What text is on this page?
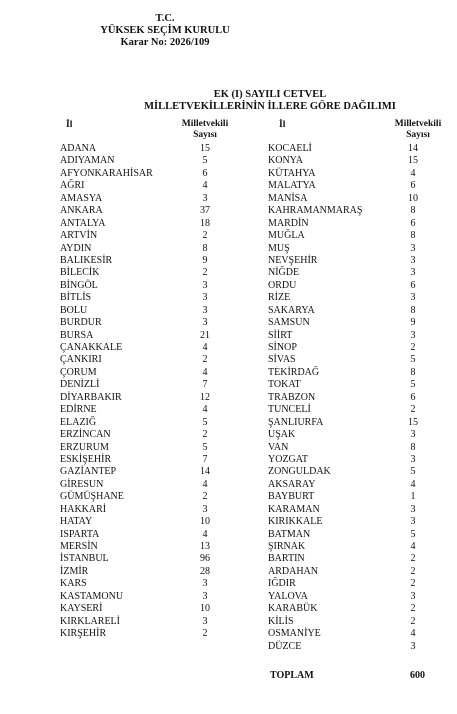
T.C.
YÜKSEK SEÇİM KURULU
Karar No: 2026/109
EK (I) SAYILI CETVEL
MİLLETVEKİLLERİNİN İLLERE GÖRE DAĞILIMI
İl	Milletvekili
Sayısı
İl	Milletvekili
Sayısı
ADANA	15
ADIYAMAN	5
AFYONKARAHİSAR	6
AĞRI	4
AMASYA	3
ANKARA	37
ANTALYA	18
ARTVİN	2
AYDIN	8
BALIKESİR	9
BİLECİK	2
BİNGÖL	3
BİTLİS	3
BOLU	3
BURDUR	3
BURSA	21
ÇANAKKALE	4
ÇANKIRI	2
ÇORUM	4
DENİZLİ	7
DİYARBAKIR	12
EDİRNE	4
ELAZIĞ	5
ERZİNCAN	2
ERZURUM	5
ESKİŞEHİR	7
GAZİANTEP	14
GİRESUN	4
GÜMÜŞHANE	2
HAKKARİ	3
HATAY	10
ISPARTA	4
MERSİN	13
İSTANBUL	96
İZMİR	28
KARS	3
KASTAMONU	3
KAYSERİ	10
KIRKLARELİ	3
KIRŞEHİR	2
KOCAELİ	14
KONYA	15
KÜTAHYA	4
MALATYA	6
MANİSA	10
KAHRAMANMARAŞ	8
MARDİN	6
MUĞLA	8
MUŞ	3
NEVŞEHİR	3
NİĞDE	3
ORDU	6
RİZE	3
SAKARYA	8
SAMSUN	9
SİİRT	3
SİNOP	2
SİVAS	5
TEKİRDAĞ	8
TOKAT	5
TRABZON	6
TUNCELİ	2
ŞANLIURFA	15
UŞAK	3
VAN	8
YOZGAT	3
ZONGULDAK	5
AKSARAY	4
BAYBURT	1
KARAMAN	3
KIRIKKALE	3
BATMAN	5
ŞIRNAK	4
BARTIN	2
ARDAHAN	2
IĞDIR	2
YALOVA	3
KARABÜK	2
KİLİS	2
OSMANİYE	4
DÜZCE	3
TOPLAM	600
